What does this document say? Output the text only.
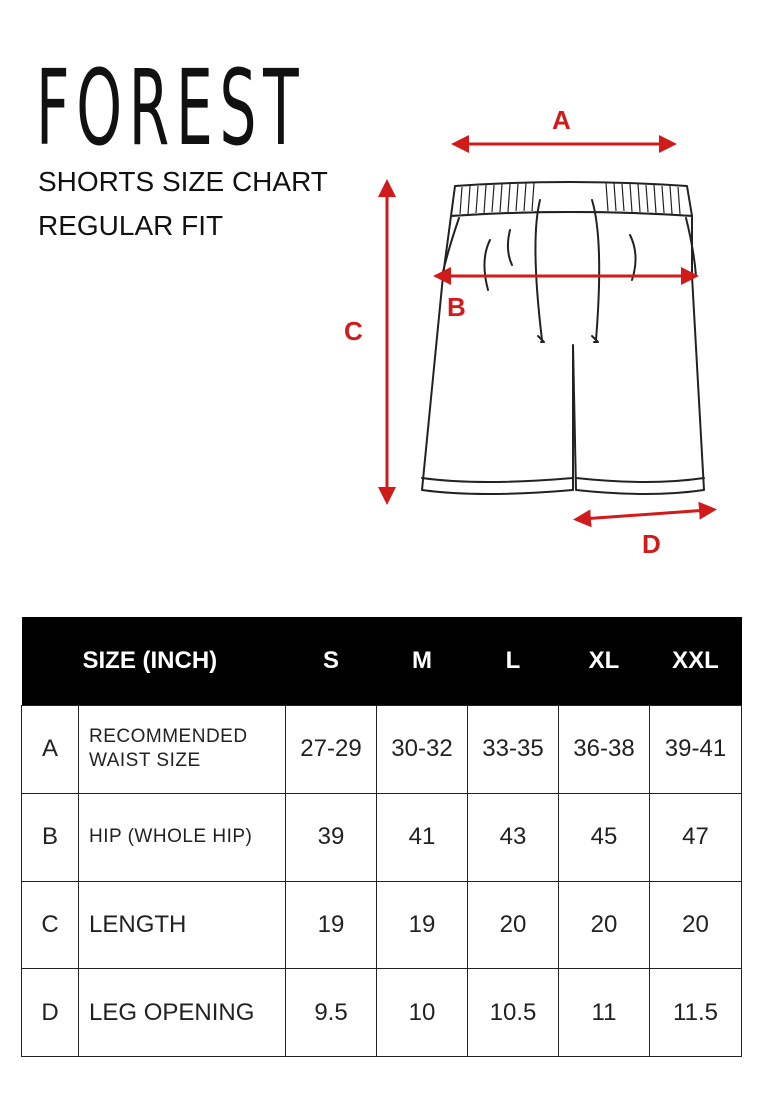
FOREST
SHORTS SIZE CHART
REGULAR FIT
A
B
C
D
	SIZE (INCH)	S	M	L	XL	XXL
A	RECOMMENDED
WAIST SIZE	27-29	30-32	33-35	36-38	39-41
B	HIP (WHOLE HIP)	39	41	43	45	47
C	LENGTH	19	19	20	20	20
D	LEG OPENING	9.5	10	10.5	11	11.5
